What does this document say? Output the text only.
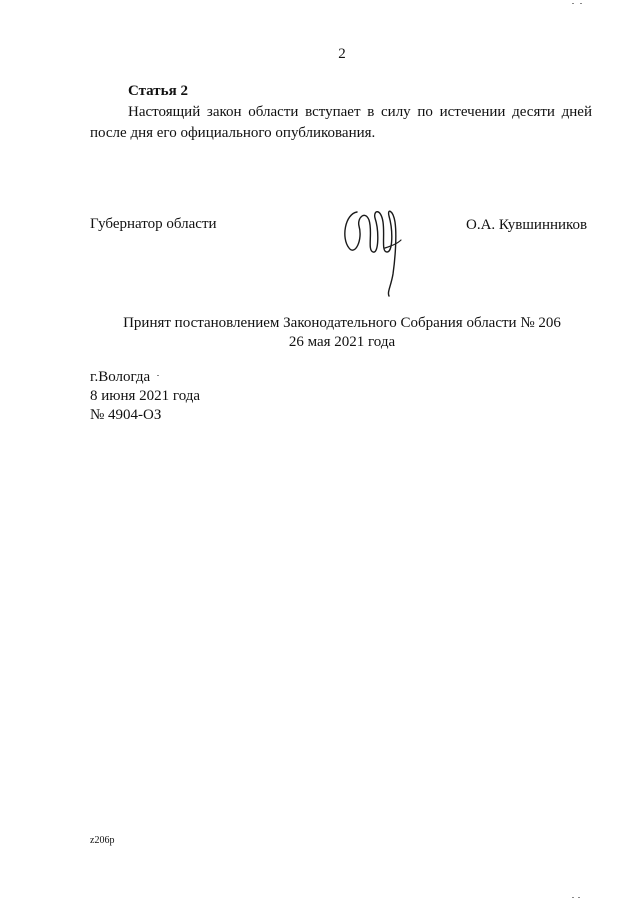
2
Статья 2

Настоящий закон области вступает в силу по истечении десяти дней после дня его официального опубликования.

Губернатор области	О.А. Кувшинников
Принят постановлением Законодательного Собрания области № 206
26 мая 2021 года
г.Вологда
8 июня 2021 года
№ 4904-ОЗ
z206p
